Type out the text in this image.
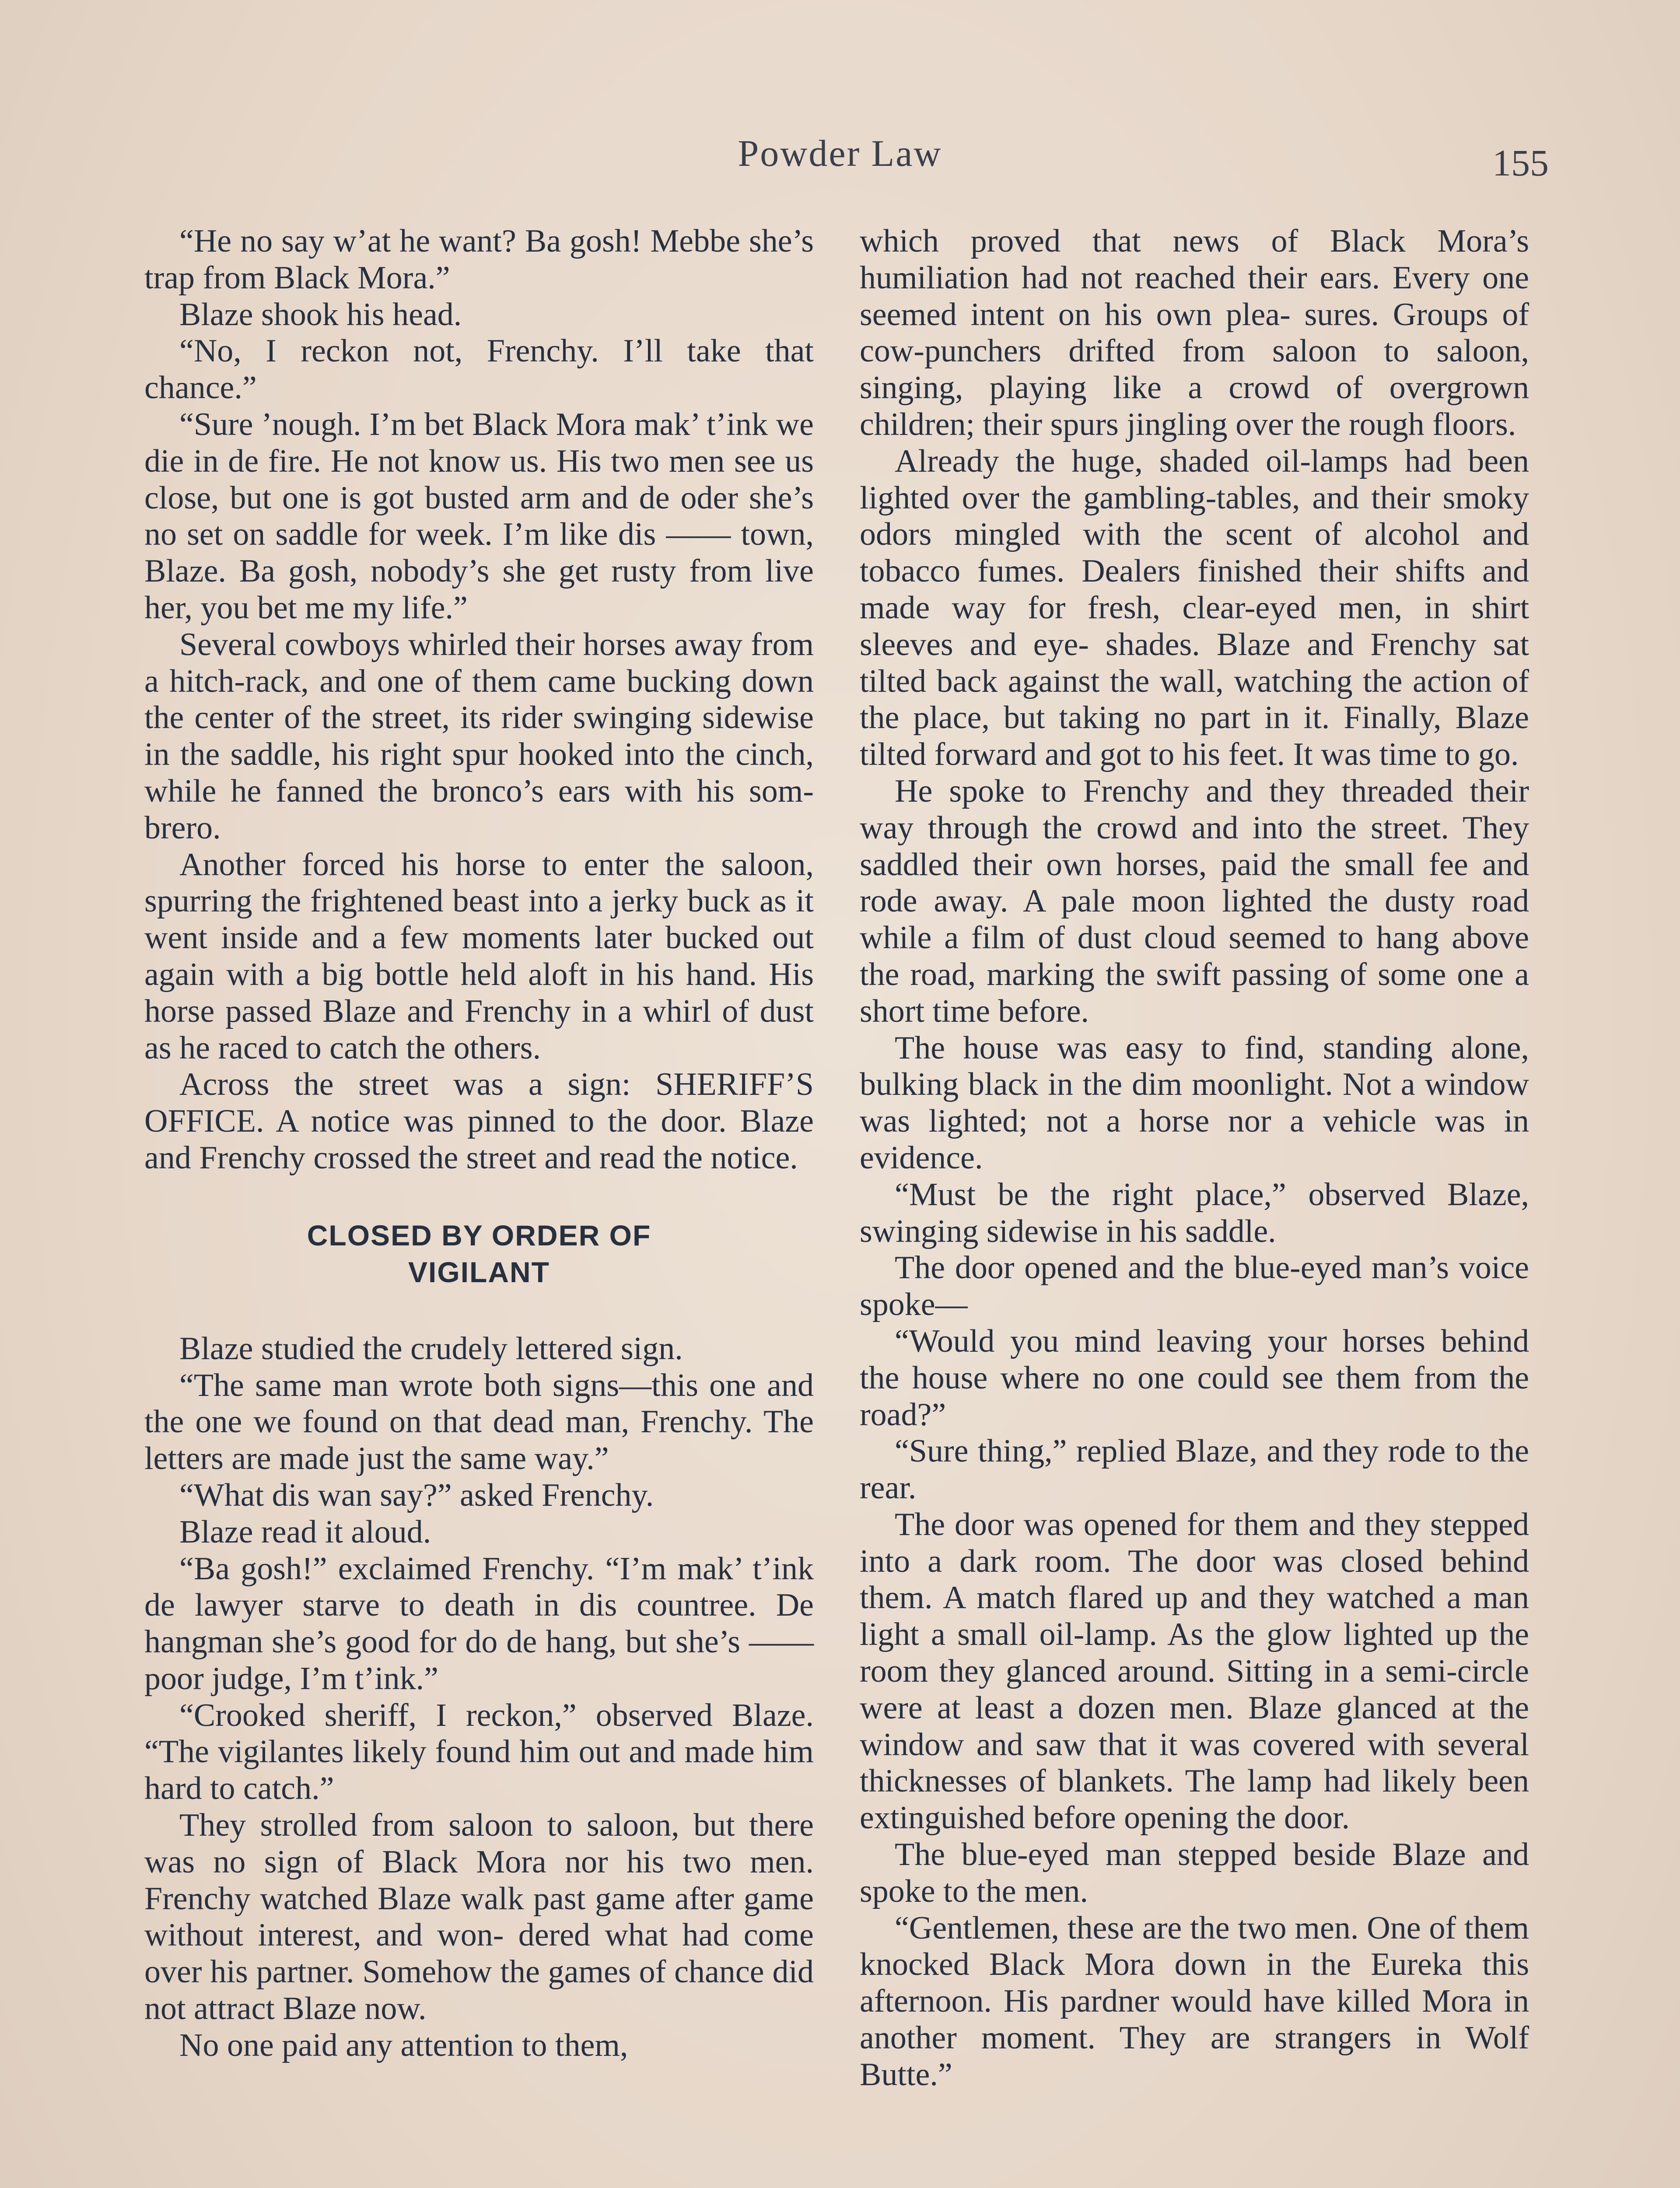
Powder Law	155

“He no say w’at he want? Ba gosh! Mebbe she’s trap from Black Mora.”

Blaze shook his head.

“No, I reckon not, Frenchy. I’ll take that chance.”

“Sure ’nough. I’m bet Black Mora mak’ t’ink we die in de fire. He not know us. His two men see us close, but one is got busted arm and de oder she’s no set on saddle for week. I’m like dis —— town, Blaze. Ba gosh, nobody’s she get rusty from live her, you bet me my life.”

Several cowboys whirled their horses away from a hitch-rack, and one of them came bucking down the center of the street, its rider swinging sidewise in the saddle, his right spur hooked into the cinch, while he fanned the bronco’s ears with his som- brero.

Another forced his horse to enter the saloon, spurring the frightened beast into a jerky buck as it went inside and a few moments later bucked out again with a big bottle held aloft in his hand. His horse passed Blaze and Frenchy in a whirl of dust as he raced to catch the others.

Across the street was a sign: SHERIFF’S OFFICE. A notice was pinned to the door. Blaze and Frenchy crossed the street and read the notice.

CLOSED BY ORDER OF
VIGILANT

Blaze studied the crudely lettered sign.

“The same man wrote both signs—this one and the one we found on that dead man, Frenchy. The letters are made just the same way.”

“What dis wan say?” asked Frenchy.

Blaze read it aloud.

“Ba gosh!” exclaimed Frenchy. “I’m mak’ t’ink de lawyer starve to death in dis countree. De hangman she’s good for do de hang, but she’s —— poor judge, I’m t’ink.”

“Crooked sheriff, I reckon,” observed Blaze. “The vigilantes likely found him out and made him hard to catch.”

They strolled from saloon to saloon, but there was no sign of Black Mora nor his two men. Frenchy watched Blaze walk past game after game without interest, and won- dered what had come over his partner. Somehow the games of chance did not attract Blaze now.

No one paid any attention to them,

which proved that news of Black Mora’s humiliation had not reached their ears. Every one seemed intent on his own plea- sures. Groups of cow-punchers drifted from saloon to saloon, singing, playing like a crowd of overgrown children; their spurs jingling over the rough floors.

Already the huge, shaded oil-lamps had been lighted over the gambling-tables, and their smoky odors mingled with the scent of alcohol and tobacco fumes. Dealers finished their shifts and made way for fresh, clear-eyed men, in shirt sleeves and eye- shades. Blaze and Frenchy sat tilted back against the wall, watching the action of the place, but taking no part in it. Finally, Blaze tilted forward and got to his feet. It was time to go.

He spoke to Frenchy and they threaded their way through the crowd and into the street. They saddled their own horses, paid the small fee and rode away. A pale moon lighted the dusty road while a film of dust cloud seemed to hang above the road, marking the swift passing of some one a short time before.

The house was easy to find, standing alone, bulking black in the dim moonlight. Not a window was lighted; not a horse nor a vehicle was in evidence.

“Must be the right place,” observed Blaze, swinging sidewise in his saddle.

The door opened and the blue-eyed man’s voice spoke—

“Would you mind leaving your horses behind the house where no one could see them from the road?”

“Sure thing,” replied Blaze, and they rode to the rear.

The door was opened for them and they stepped into a dark room. The door was closed behind them. A match flared up and they watched a man light a small oil-lamp. As the glow lighted up the room they glanced around. Sitting in a semi-circle were at least a dozen men. Blaze glanced at the window and saw that it was covered with several thicknesses of blankets. The lamp had likely been extinguished before opening the door.

The blue-eyed man stepped beside Blaze and spoke to the men.

“Gentlemen, these are the two men. One of them knocked Black Mora down in the Eureka this afternoon. His pardner would have killed Mora in another moment. They are strangers in Wolf Butte.”
